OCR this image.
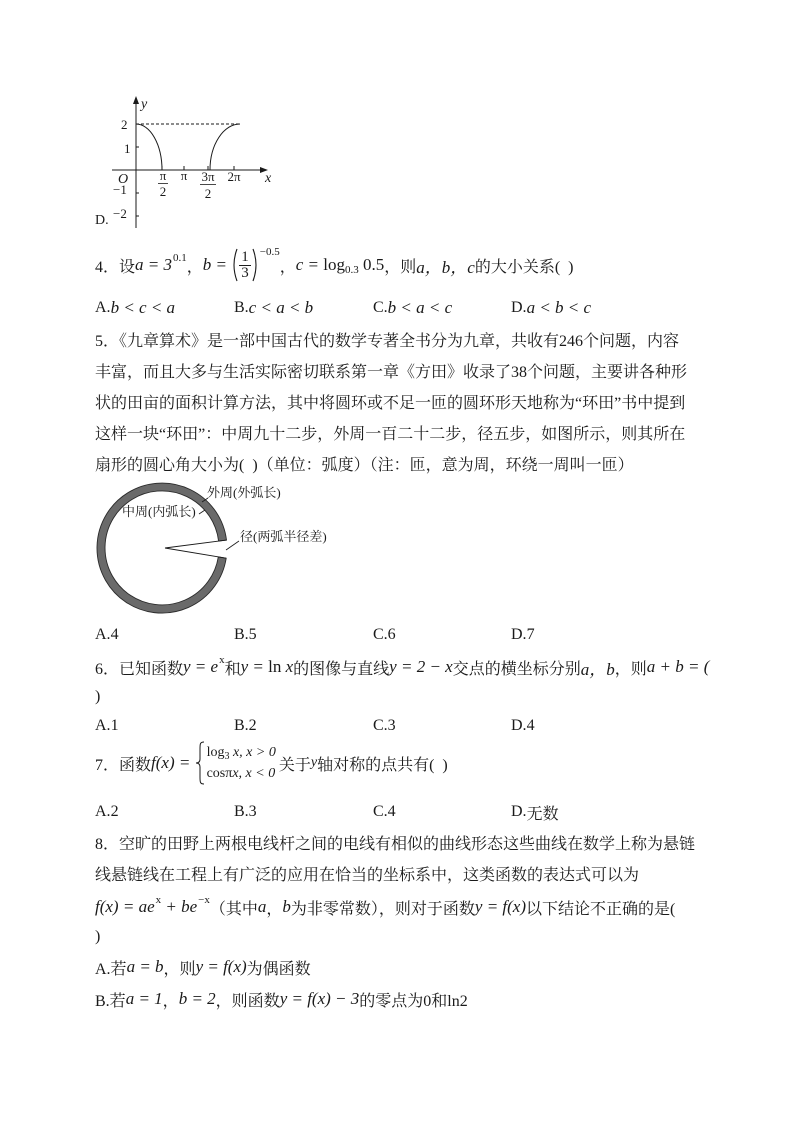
y
x
O
2
1
−1
−2
π
2
π 3π
2
2π
D.
4．设 a = 3 0.1
， $b = \frac{1}{3} -0.5$
， c = log 0.3 0.5 ，则 a，b，c 的大小关系(  )
A. b < c < a	B. c < a < b	C. b < a < c	D. a < b < c
5．《九章算术》是一部中国古代的数学专著全书分为九章，共收有246个问题，内容
丰富，而且大多与生活实际密切联系第一章《方田》收录了38个问题，主要讲各种形
状的田亩的面积计算方法，其中将圆环或不足一匝的圆环形天地称为“环田”书中提到
这样一块“环田”：中周九十二步，外周一百二十二步，径五步，如图所示，则其所在
扇形的圆心角大小为(  )（单位：弧度）（注：匝，意为周，环绕一周叫一匝）
外周(外弧长)
中周(内弧长)
径(两弧半径差)
A. 4	B. 5	C. 6	D. 7
6．已知函数 y = e x
和 y = ln x 的图像与直线 y = 2 − x 交点的横坐标分别 a，b ，则 a + b = (
)
A. 1	B. 2	C. 3	D. 4
7．函数 f(x) =
log 3 x, x > 0
cosπ x, x < 0 关于 y 轴对称的点共有(  )
A. 2	B. 3	C. 4	D. 无数
8．空旷的田野上两根电线杆之间的电线有相似的曲线形态这些曲线在数学上称为悬链
线悬链线在工程上有广泛的应用在恰当的坐标系中，这类函数的表达式可以为
f(x) = ae x + be −x
（其中 a ， b 为非零常数），则对于函数 y = f(x) 以下结论不正确的是(
)
A.若 a = b ，则 y = f(x) 为偶函数
B.若 a = 1 ， b = 2 ，则函数 y = f(x) − 3 的零点为0和ln2
